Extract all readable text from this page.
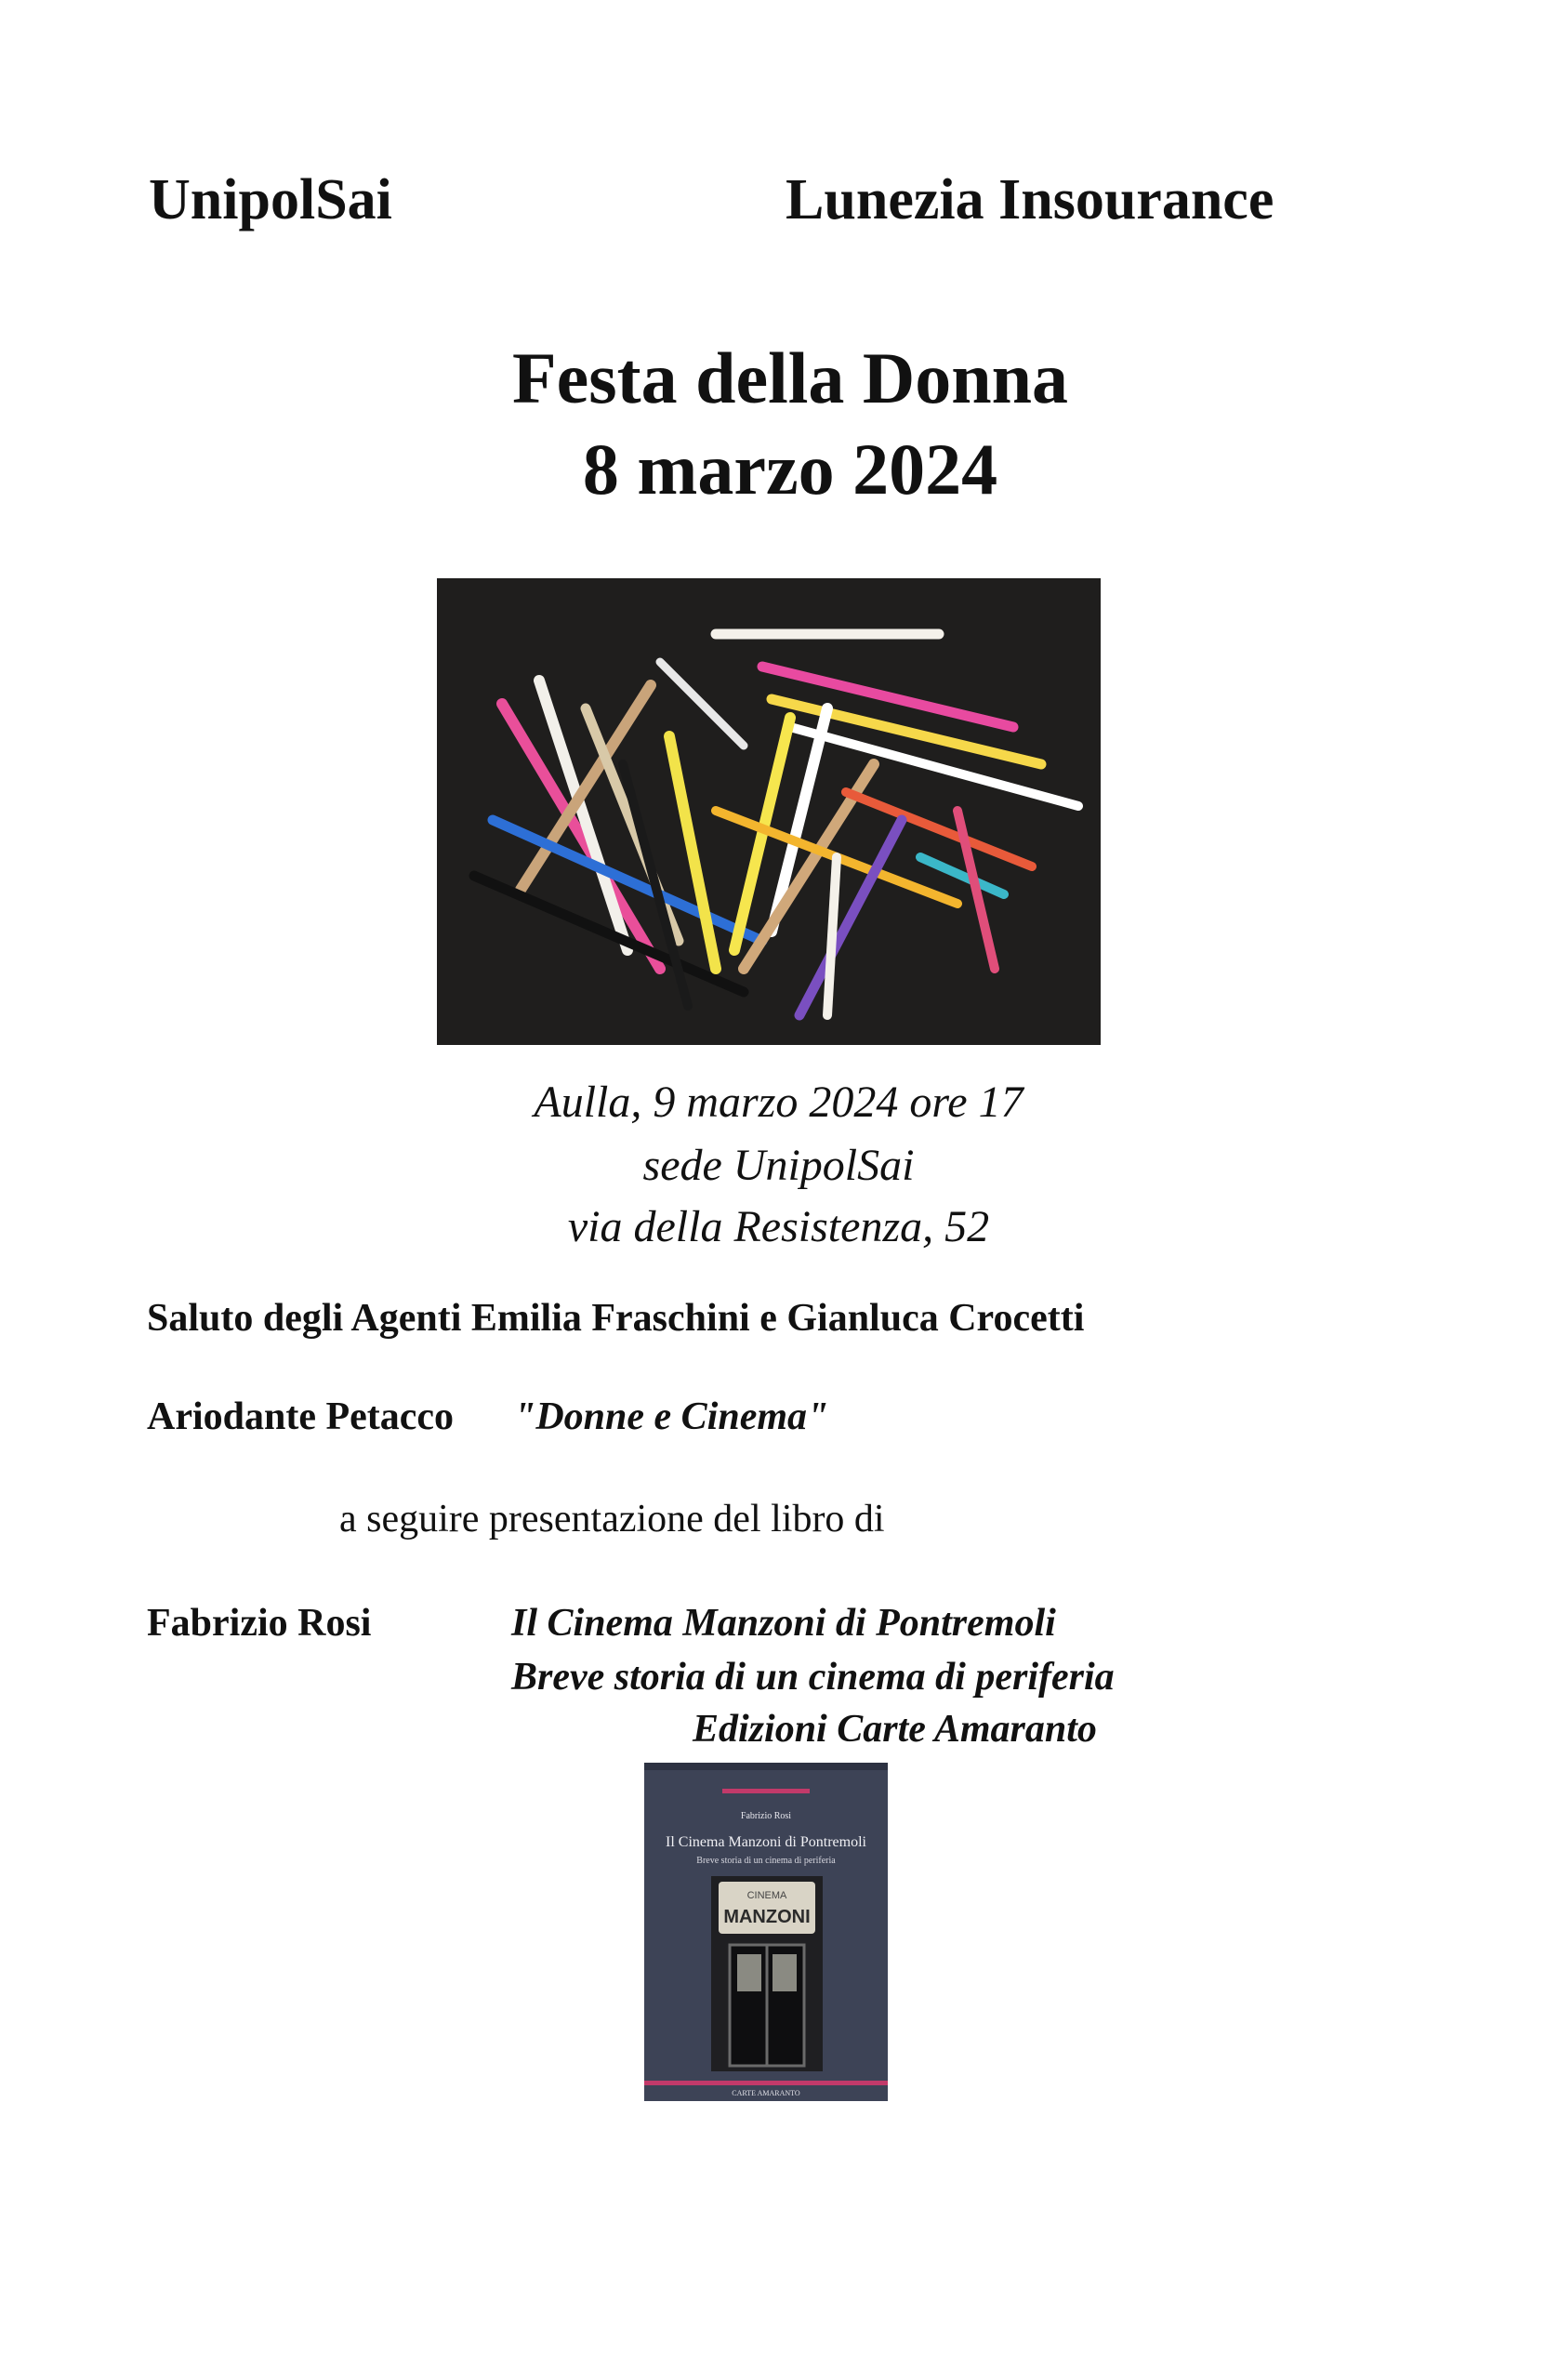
UnipolSai	Lunezia Insourance
Festa della Donna
8 marzo 2024
Aulla, 9 marzo 2024 ore 17
sede UnipolSai
via della Resistenza, 52
Saluto degli Agenti Emilia Fraschini e Gianluca Crocetti
Ariodante Petacco "Donne e Cinema"
a seguire presentazione del libro di
Fabrizio Rosi	Il Cinema Manzoni di Pontremoli
Breve storia di un cinema di periferia
Edizioni Carte Amaranto
Fabrizio Rosi
Il Cinema Manzoni di Pontremoli
Breve storia di un cinema di periferia
CINEMA
MANZONI
CARTE AMARANTO
